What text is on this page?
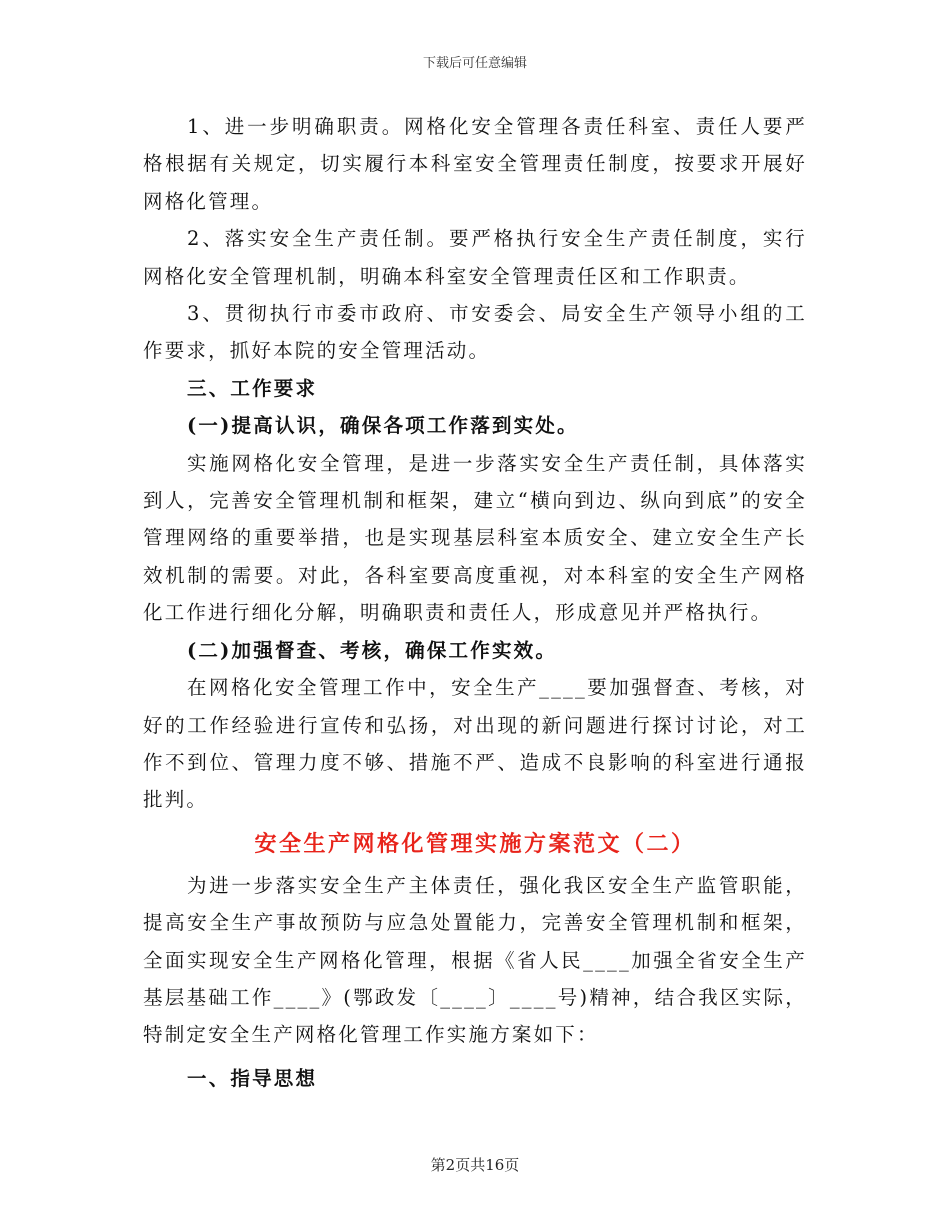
下载后可任意编辑

1、进一步明确职责。网格化安全管理各责任科室、责任人要严格根据有关规定，切实履行本科室安全管理责任制度，按要求开展好网格化管理。

2、落实安全生产责任制。要严格执行安全生产责任制度，实行网格化安全管理机制，明确本科室安全管理责任区和工作职责。

3、贯彻执行市委市政府、市安委会、局安全生产领导小组的工作要求，抓好本院的安全管理活动。

三、工作要求

(一)提高认识，确保各项工作落到实处。

实施网格化安全管理，是进一步落实安全生产责任制，具体落实到人，完善安全管理机制和框架，建立“横向到边、纵向到底”的安全管理网络的重要举措，也是实现基层科室本质安全、建立安全生产长效机制的需要。对此，各科室要高度重视，对本科室的安全生产网格化工作进行细化分解，明确职责和责任人，形成意见并严格执行。

(二)加强督查、考核，确保工作实效。

在网格化安全管理工作中，安全生产____要加强督查、考核，对好的工作经验进行宣传和弘扬，对出现的新问题进行探讨讨论，对工作不到位、管理力度不够、措施不严、造成不良影响的科室进行通报批判。

安全生产网格化管理实施方案范文（二）

为进一步落实安全生产主体责任，强化我区安全生产监管职能，提高安全生产事故预防与应急处置能力，完善安全管理机制和框架，全面实现安全生产网格化管理，根据《省人民____加强全省安全生产基层基础工作____》(鄂政发〔____〕____号)精神，结合我区实际，特制定安全生产网格化管理工作实施方案如下：

一、指导思想

第2页共16页
